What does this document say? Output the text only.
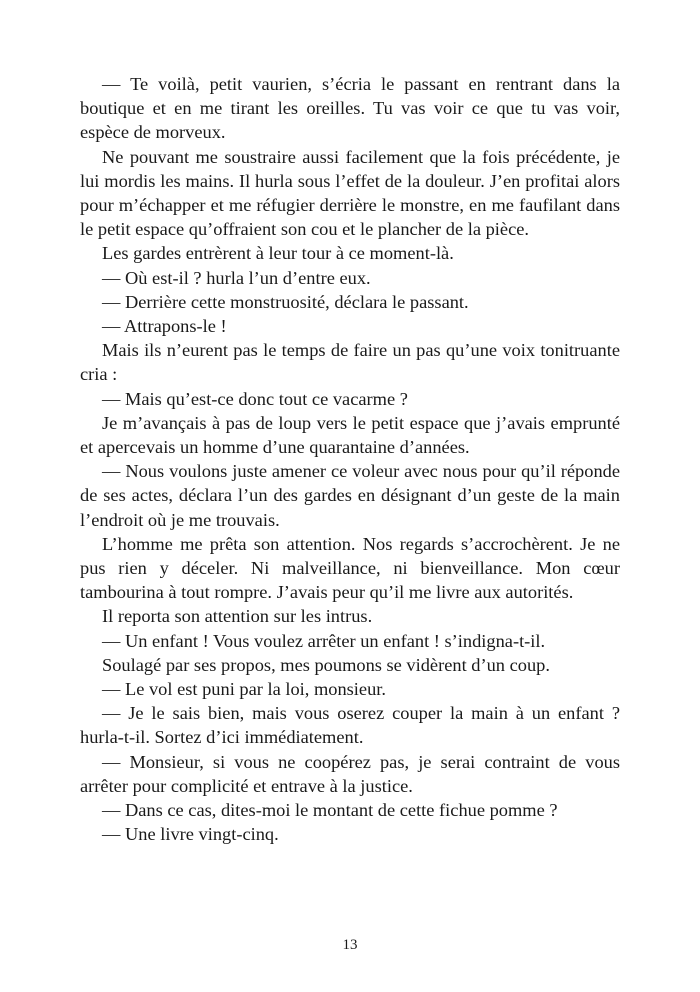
— Te voilà, petit vaurien, s’écria le passant en rentrant dans la boutique et en me tirant les oreilles. Tu vas voir ce que tu vas voir, espèce de morveux.

Ne pouvant me soustraire aussi facilement que la fois précédente, je lui mordis les mains. Il hurla sous l’effet de la douleur. J’en profitai alors pour m’échapper et me réfugier derrière le monstre, en me faufilant dans le petit espace qu’offraient son cou et le plancher de la pièce.

Les gardes entrèrent à leur tour à ce moment-là.

— Où est-il ? hurla l’un d’entre eux.

— Derrière cette monstruosité, déclara le passant.

— Attrapons-le !

Mais ils n’eurent pas le temps de faire un pas qu’une voix tonitruante cria :

— Mais qu’est-ce donc tout ce vacarme ?

Je m’avançais à pas de loup vers le petit espace que j’avais emprunté et apercevais un homme d’une quarantaine d’années.

— Nous voulons juste amener ce voleur avec nous pour qu’il réponde de ses actes, déclara l’un des gardes en désignant d’un geste de la main l’endroit où je me trouvais.

L’homme me prêta son attention. Nos regards s’accrochèrent. Je ne pus rien y déceler. Ni malveillance, ni bienveillance. Mon cœur tambourina à tout rompre. J’avais peur qu’il me livre aux autorités.

Il reporta son attention sur les intrus.

— Un enfant ! Vous voulez arrêter un enfant ! s’indigna-t-il.

Soulagé par ses propos, mes poumons se vidèrent d’un coup.

— Le vol est puni par la loi, monsieur.

— Je le sais bien, mais vous oserez couper la main à un enfant ? hurla-t-il. Sortez d’ici immédiatement.

— Monsieur, si vous ne coopérez pas, je serai contraint de vous arrêter pour complicité et entrave à la justice.

— Dans ce cas, dites-moi le montant de cette fichue pomme ?

— Une livre vingt-cinq.

13
